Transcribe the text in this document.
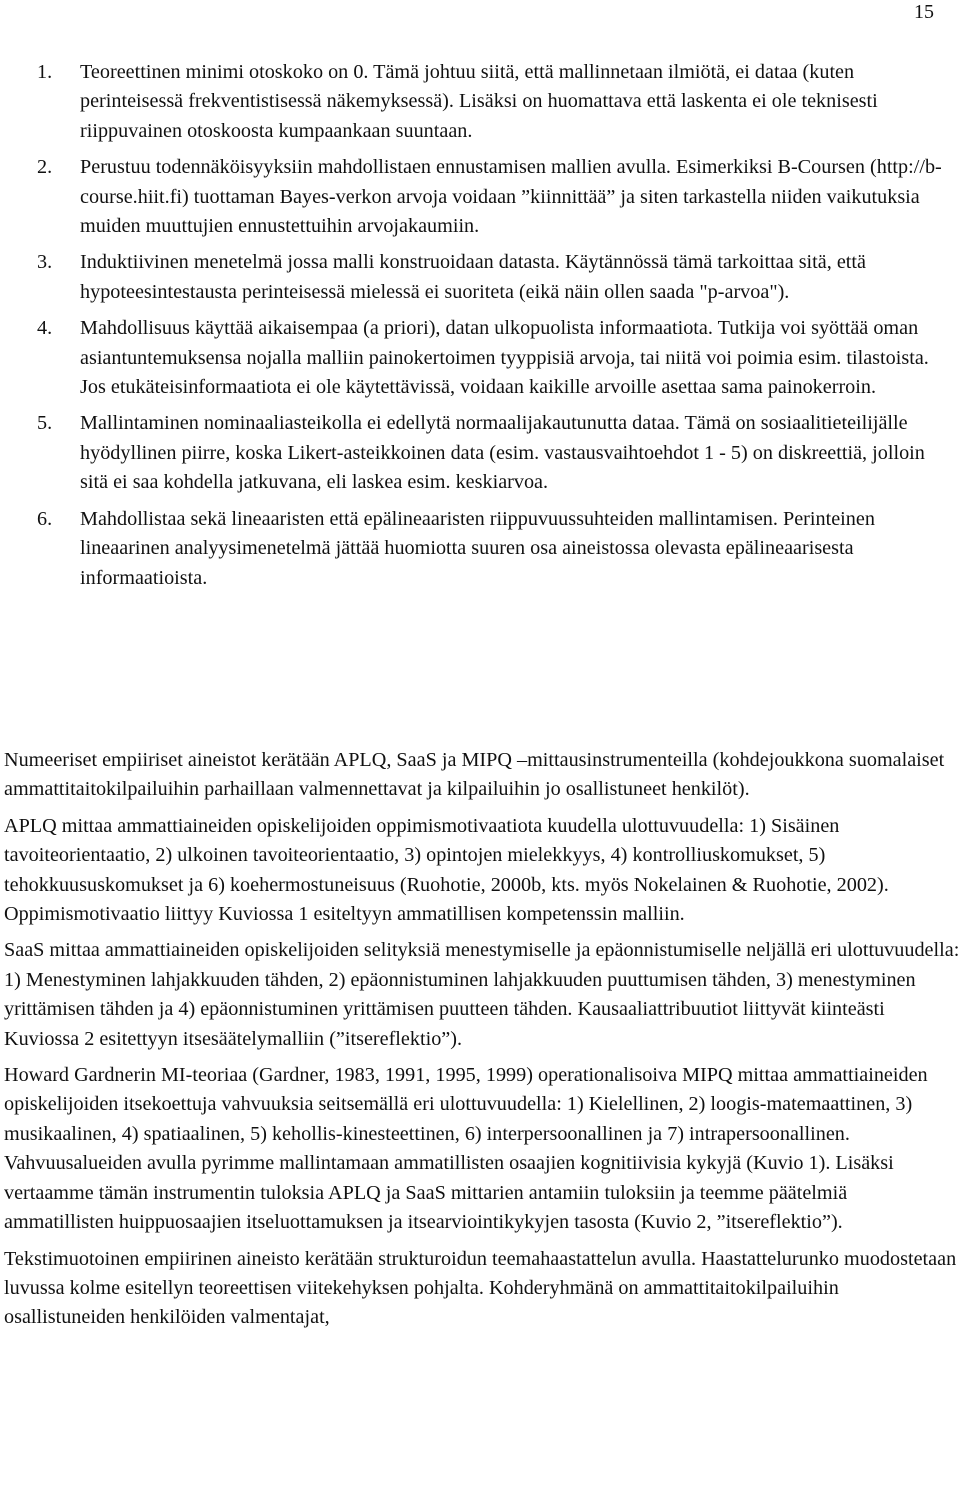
15
1. Teoreettinen minimi otoskoko on 0. Tämä johtuu siitä, että mallinnetaan ilmiötä, ei dataa (kuten perinteisessä frekventistisessä näkemyksessä). Lisäksi on huomattava että laskenta ei ole teknisesti riippuvainen otoskoosta kumpaankaan suuntaan.
2. Perustuu todennäköisyyksiin mahdollistaen ennustamisen mallien avulla. Esimerkiksi B-Coursen (http://b-course.hiit.fi) tuottaman Bayes-verkon arvoja voidaan ”kiinnittää” ja siten tarkastella niiden vaikutuksia muiden muuttujien ennustettuihin arvojakaumiin.
3. Induktiivinen menetelmä jossa malli konstruoidaan datasta. Käytännössä tämä tarkoittaa sitä, että hypoteesintestausta perinteisessä mielessä ei suoriteta (eikä näin ollen saada "p-arvoa").
4. Mahdollisuus käyttää aikaisempaa (a priori), datan ulkopuolista informaatiota. Tutkija voi syöttää oman asiantuntemuksensa nojalla malliin painokertoimen tyyppisiä arvoja, tai niitä voi poimia esim. tilastoista. Jos etukäteisinformaatiota ei ole käytettävissä, voidaan kaikille arvoille asettaa sama painokerroin.
5. Mallintaminen nominaaliasteikolla ei edellytä normaalijakautunutta dataa. Tämä on sosiaalitieteilijälle hyödyllinen piirre, koska Likert-asteikkoinen data (esim. vastausvaihtoehdot 1 - 5) on diskreettiä, jolloin sitä ei saa kohdella jatkuvana, eli laskea esim. keskiarvoa.
6. Mahdollistaa sekä lineaaristen että epälineaaristen riippuvuussuhteiden mallintamisen. Perinteinen lineaarinen analyysimenetelmä jättää huomiotta suuren osa aineistossa olevasta epälineaarisesta informaatioista.

Numeeriset empiiriset aineistot kerätään APLQ, SaaS ja MIPQ –mittausinstrumenteilla (kohdejoukkona suomalaiset ammattitaitokilpailuihin parhaillaan valmennettavat ja kilpailuihin jo osallistuneet henkilöt).

APLQ mittaa ammattiaineiden opiskelijoiden oppimismotivaatiota kuudella ulottuvuudella: 1) Sisäinen tavoiteorientaatio, 2) ulkoinen tavoiteorientaatio, 3) opintojen mielekkyys, 4) kontrolliuskomukset, 5) tehokkuususkomukset ja 6) koehermostuneisuus (Ruohotie, 2000b, kts. myös Nokelainen & Ruohotie, 2002). Oppimismotivaatio liittyy Kuviossa 1 esiteltyyn ammatillisen kompetenssin malliin.

SaaS mittaa ammattiaineiden opiskelijoiden selityksiä menestymiselle ja epäonnistumiselle neljällä eri ulottuvuudella: 1) Menestyminen lahjakkuuden tähden, 2) epäonnistuminen lahjakkuuden puuttumisen tähden, 3) menestyminen yrittämisen tähden ja 4) epäonnistuminen yrittämisen puutteen tähden. Kausaaliattribuutiot liittyvät kiinteästi Kuviossa 2 esitettyyn itsesäätelymalliin (”itsereflektio”).

Howard Gardnerin MI-teoriaa (Gardner, 1983, 1991, 1995, 1999) operationalisoiva MIPQ mittaa ammattiaineiden opiskelijoiden itsekoettuja vahvuuksia seitsemällä eri ulottuvuudella: 1) Kielellinen, 2) loogis-matemaattinen, 3) musikaalinen, 4) spatiaalinen, 5) kehollis-kinesteettinen, 6) interpersoonallinen ja 7) intrapersoonallinen. Vahvuusalueiden avulla pyrimme mallintamaan ammatillisten osaajien kognitiivisia kykyjä (Kuvio 1). Lisäksi vertaamme tämän instrumentin tuloksia APLQ ja SaaS mittarien antamiin tuloksiin ja teemme päätelmiä ammatillisten huippuosaajien itseluottamuksen ja itsearviointikykyjen tasosta (Kuvio 2, ”itsereflektio”).

Tekstimuotoinen empiirinen aineisto kerätään strukturoidun teemahaastattelun avulla. Haastattelurunko muodostetaan luvussa kolme esitellyn teoreettisen viitekehyksen pohjalta. Kohderyhmänä on ammattitaitokilpailuihin osallistuneiden henkilöiden valmentajat,
